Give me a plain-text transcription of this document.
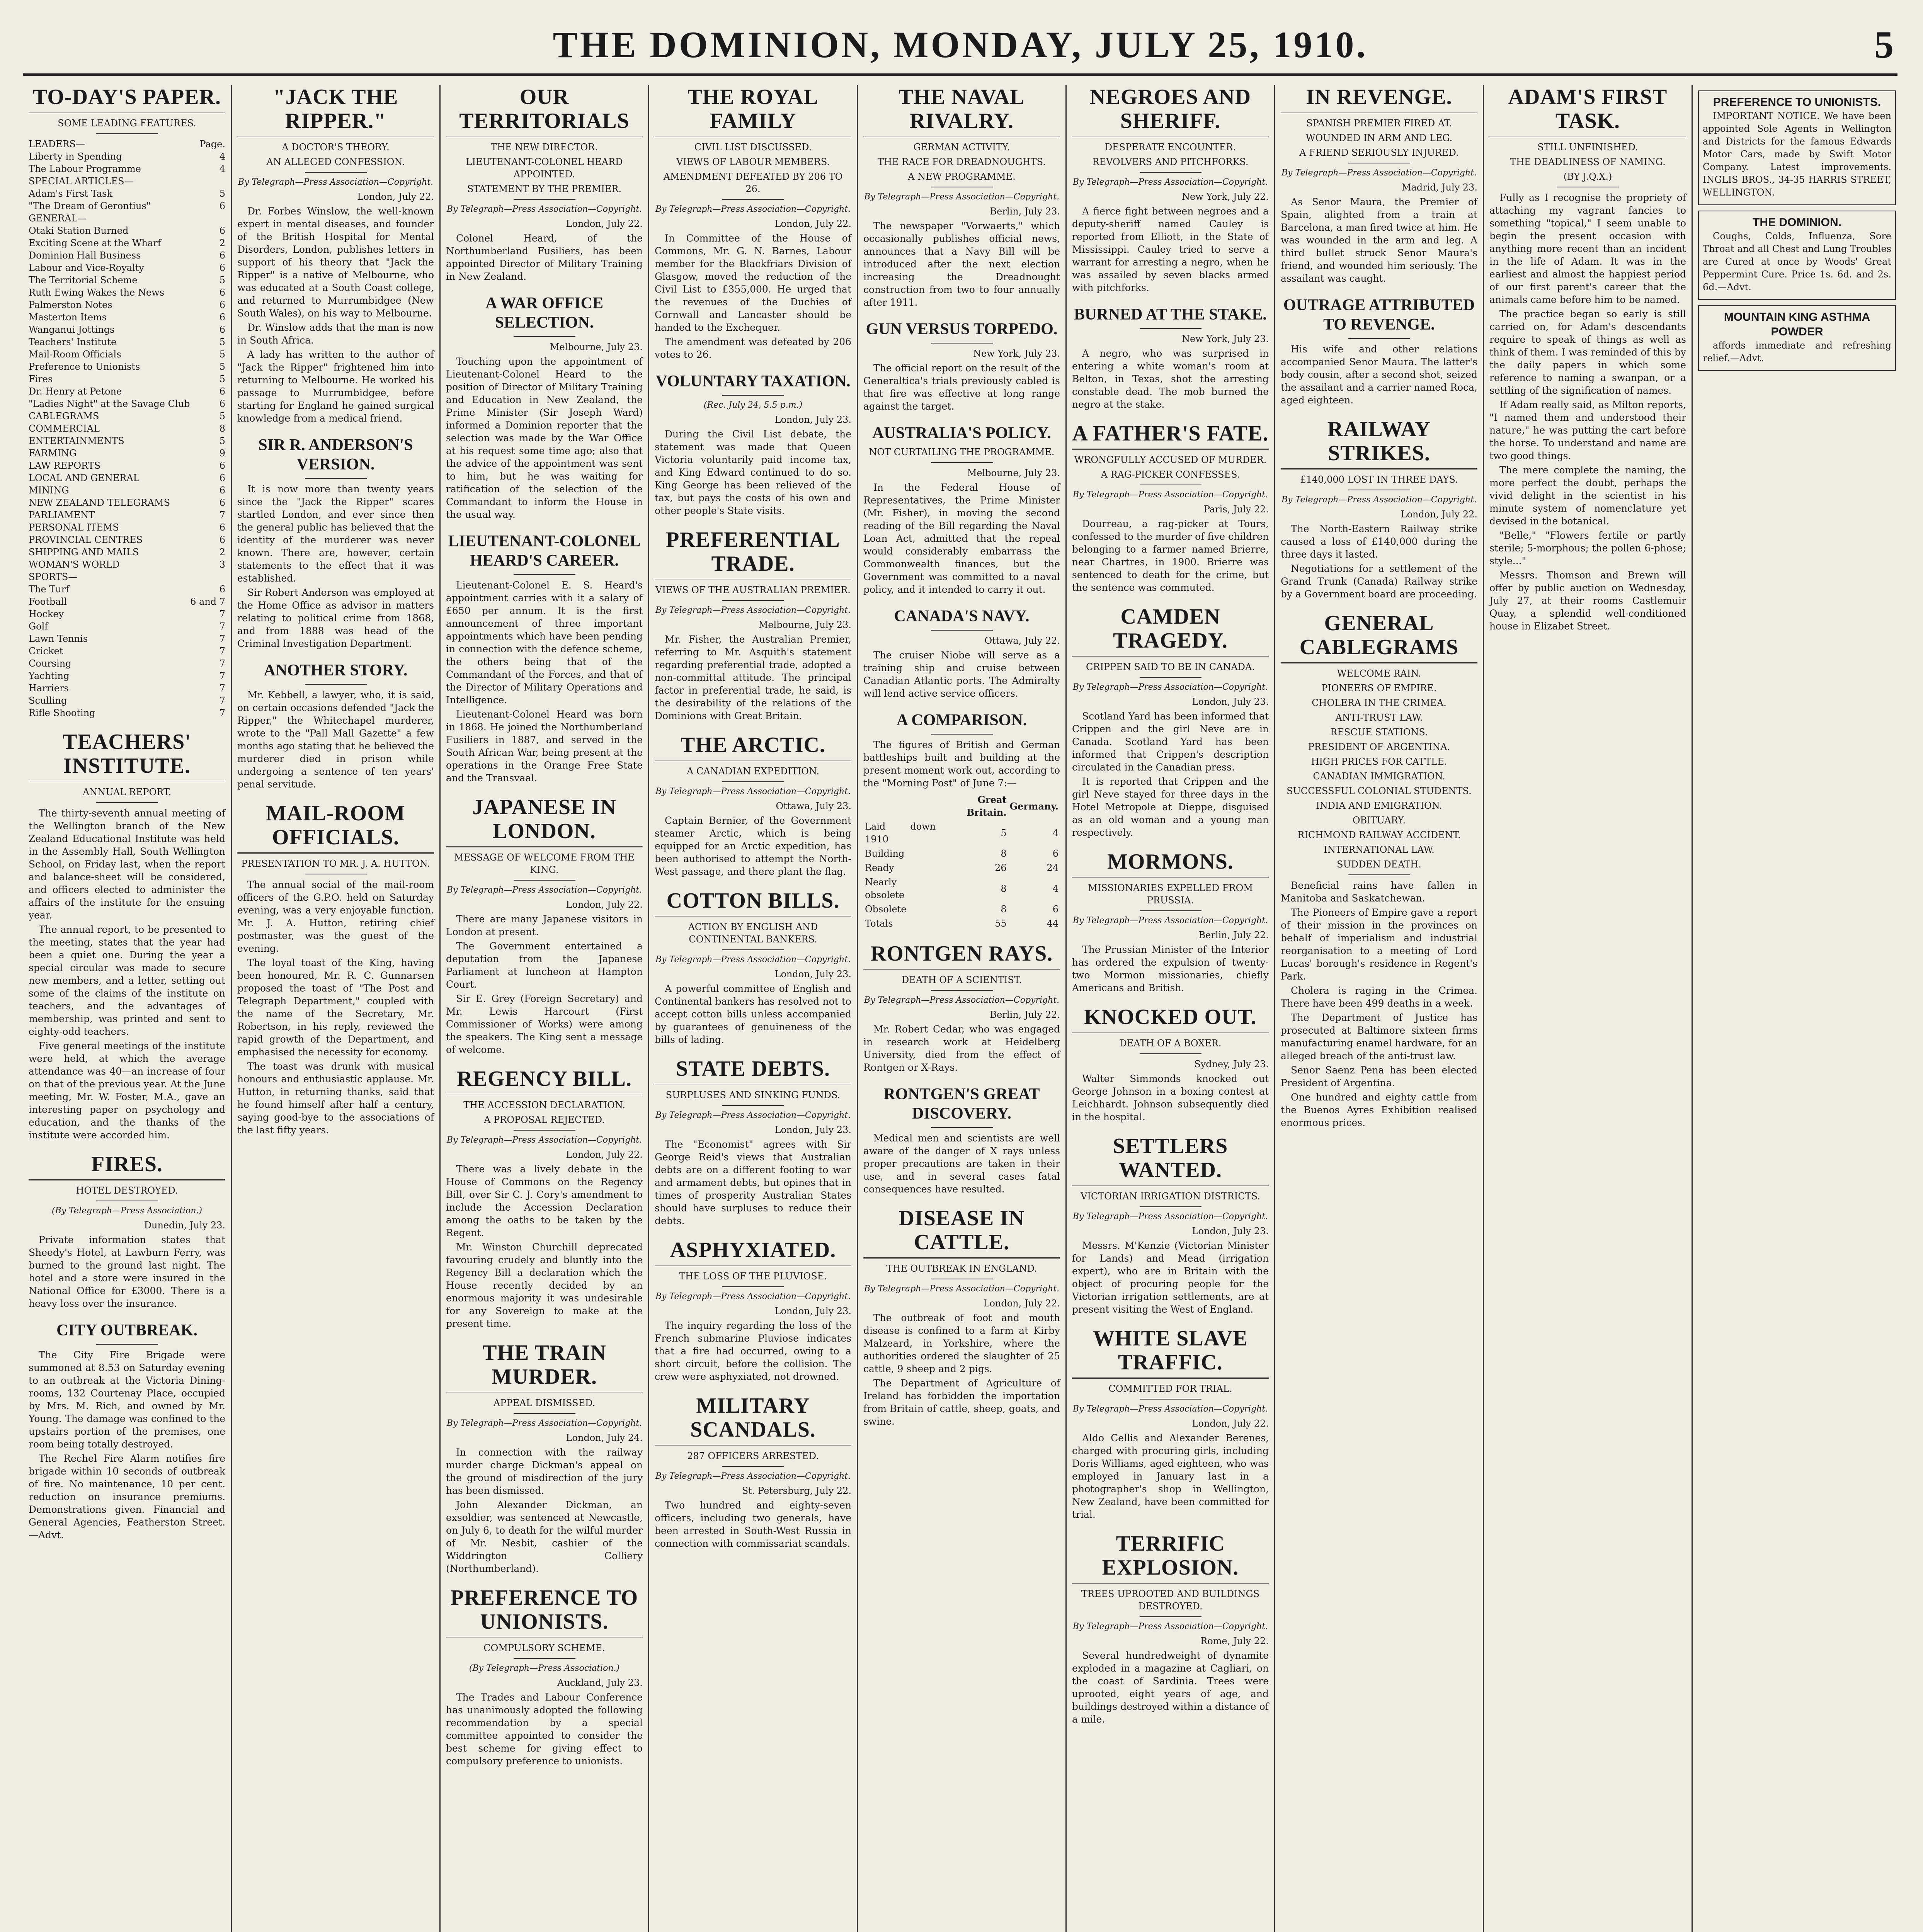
THE DOMINION, MONDAY, JULY 25, 1910.	5
TO-DAY'S PAPER.
SOME LEADING FEATURES.
LEADERS—	Page.
Liberty in Spending	4
The Labour Programme	4
SPECIAL ARTICLES—
Adam's First Task	5
"The Dream of Gerontius"	6
GENERAL—
Otaki Station Burned	6
Exciting Scene at the Wharf	2
Dominion Hall Business	6
Labour and Vice-Royalty	6
The Territorial Scheme	5
Ruth Ewing Wakes the News	6
Palmerston Notes	6
Masterton Items	6
Wanganui Jottings	6
Teachers' Institute	5
Mail-Room Officials	5
Preference to Unionists	5
Fires	5
Dr. Henry at Petone	6
"Ladies Night" at the Savage Club	6
CABLEGRAMS	5
COMMERCIAL	8
ENTERTAINMENTS	5
FARMING	9
LAW REPORTS	6
LOCAL AND GENERAL	6
MINING	6
NEW ZEALAND TELEGRAMS	6
PARLIAMENT	7
PERSONAL ITEMS	6
PROVINCIAL CENTRES	6
SHIPPING AND MAILS	2
WOMAN'S WORLD	3
SPORTS—
The Turf	6
Football	6 and 7
Hockey	7
Golf	7
Lawn Tennis	7
Cricket	7
Coursing	7
Yachting	7
Harriers	7
Sculling	7
Rifle Shooting	7
TEACHERS' INSTITUTE.
ANNUAL REPORT.

The thirty-seventh annual meeting of the Wellington branch of the New Zealand Educational Institute was held in the Assembly Hall, South Wellington School, on Friday last, when the report and balance-sheet will be considered, and officers elected to administer the affairs of the institute for the ensuing year.

The annual report, to be presented to the meeting, states that the year had been a quiet one. During the year a special circular was made to secure new members, and a letter, setting out some of the claims of the institute on teachers, and the advantages of membership, was printed and sent to eighty-odd teachers.

Five general meetings of the institute were held, at which the average attendance was 40—an increase of four on that of the previous year. At the June meeting, Mr. W. Foster, M.A., gave an interesting paper on psychology and education, and the thanks of the institute were accorded him.

FIRES.
HOTEL DESTROYED.
(By Telegraph—Press Association.)
Dunedin, July 23.

Private information states that Sheedy's Hotel, at Lawburn Ferry, was burned to the ground last night. The hotel and a store were insured in the National Office for £3000. There is a heavy loss over the insurance.

CITY OUTBREAK.

The City Fire Brigade were summoned at 8.53 on Saturday evening to an outbreak at the Victoria Dining-rooms, 132 Courtenay Place, occupied by Mrs. M. Rich, and owned by Mr. Young. The damage was confined to the upstairs portion of the premises, one room being totally destroyed.

The Rechel Fire Alarm notifies fire brigade within 10 seconds of outbreak of fire. No maintenance, 10 per cent. reduction on insurance premiums. Demonstrations given. Financial and General Agencies, Featherston Street.—Advt.

"JACK THE RIPPER."
A DOCTOR'S THEORY.
AN ALLEGED CONFESSION.
By Telegraph—Press Association—Copyright.
London, July 22.

Dr. Forbes Winslow, the well-known expert in mental diseases, and founder of the British Hospital for Mental Disorders, London, publishes letters in support of his theory that "Jack the Ripper" is a native of Melbourne, who was educated at a South Coast college, and returned to Murrumbidgee (New South Wales), on his way to Melbourne.

Dr. Winslow adds that the man is now in South Africa.

A lady has written to the author of "Jack the Ripper" frightened him into returning to Melbourne. He worked his passage to Murrumbidgee, before starting for England he gained surgical knowledge from a medical friend.

SIR R. ANDERSON'S VERSION.

It is now more than twenty years since the "Jack the Ripper" scares startled London, and ever since then the general public has believed that the identity of the murderer was never known. There are, however, certain statements to the effect that it was established.

Sir Robert Anderson was employed at the Home Office as advisor in matters relating to political crime from 1868, and from 1888 was head of the Criminal Investigation Department.

ANOTHER STORY.

Mr. Kebbell, a lawyer, who, it is said, on certain occasions defended "Jack the Ripper," the Whitechapel murderer, wrote to the "Pall Mall Gazette" a few months ago stating that he believed the murderer died in prison while undergoing a sentence of ten years' penal servitude.

MAIL-ROOM OFFICIALS.
PRESENTATION TO MR. J. A. HUTTON.

The annual social of the mail-room officers of the G.P.O. held on Saturday evening, was a very enjoyable function. Mr. J. A. Hutton, retiring chief postmaster, was the guest of the evening.

The loyal toast of the King, having been honoured, Mr. R. C. Gunnarsen proposed the toast of "The Post and Telegraph Department," coupled with the name of the Secretary, Mr. Robertson, in his reply, reviewed the rapid growth of the Department, and emphasised the necessity for economy.

The toast was drunk with musical honours and enthusiastic applause. Mr. Hutton, in returning thanks, said that he found himself after half a century, saying good-bye to the associations of the last fifty years.

OUR TERRITORIALS
THE NEW DIRECTOR.
LIEUTENANT-COLONEL HEARD APPOINTED.
STATEMENT BY THE PREMIER.
By Telegraph—Press Association—Copyright.
London, July 22.

Colonel Heard, of the Northumberland Fusiliers, has been appointed Director of Military Training in New Zealand.

A WAR OFFICE SELECTION.
Melbourne, July 23.

Touching upon the appointment of Lieutenant-Colonel Heard to the position of Director of Military Training and Education in New Zealand, the Prime Minister (Sir Joseph Ward) informed a Dominion reporter that the selection was made by the War Office at his request some time ago; also that the advice of the appointment was sent to him, but he was waiting for ratification of the selection of the Commandant to inform the House in the usual way.

LIEUTENANT-COLONEL HEARD'S CAREER.

Lieutenant-Colonel E. S. Heard's appointment carries with it a salary of £650 per annum. It is the first announcement of three important appointments which have been pending in connection with the defence scheme, the others being that of the Commandant of the Forces, and that of the Director of Military Operations and Intelligence.

Lieutenant-Colonel Heard was born in 1868. He joined the Northumberland Fusiliers in 1887, and served in the South African War, being present at the operations in the Orange Free State and the Transvaal.

JAPANESE IN LONDON.
MESSAGE OF WELCOME FROM THE KING.
By Telegraph—Press Association—Copyright.
London, July 22.

There are many Japanese visitors in London at present.

The Government entertained a deputation from the Japanese Parliament at luncheon at Hampton Court.

Sir E. Grey (Foreign Secretary) and Mr. Lewis Harcourt (First Commissioner of Works) were among the speakers. The King sent a message of welcome.

REGENCY BILL.
THE ACCESSION DECLARATION.
A PROPOSAL REJECTED.
By Telegraph—Press Association—Copyright.
London, July 22.

There was a lively debate in the House of Commons on the Regency Bill, over Sir C. J. Cory's amendment to include the Accession Declaration among the oaths to be taken by the Regent.

Mr. Winston Churchill deprecated favouring crudely and bluntly into the Regency Bill a declaration which the House recently decided by an enormous majority it was undesirable for any Sovereign to make at the present time.

THE TRAIN MURDER.
APPEAL DISMISSED.
By Telegraph—Press Association—Copyright.
London, July 24.

In connection with the railway murder charge Dickman's appeal on the ground of misdirection of the jury has been dismissed.

John Alexander Dickman, an exsoldier, was sentenced at Newcastle, on July 6, to death for the wilful murder of Mr. Nesbit, cashier of the Widdrington Colliery (Northumberland).

PREFERENCE TO UNIONISTS.
COMPULSORY SCHEME.
(By Telegraph—Press Association.)
Auckland, July 23.

The Trades and Labour Conference has unanimously adopted the following recommendation by a special committee appointed to consider the best scheme for giving effect to compulsory preference to unionists.

THE ROYAL FAMILY
CIVIL LIST DISCUSSED.
VIEWS OF LABOUR MEMBERS.
AMENDMENT DEFEATED BY 206 TO 26.
By Telegraph—Press Association—Copyright.
London, July 22.

In Committee of the House of Commons, Mr. G. N. Barnes, Labour member for the Blackfriars Division of Glasgow, moved the reduction of the Civil List to £355,000. He urged that the revenues of the Duchies of Cornwall and Lancaster should be handed to the Exchequer.

The amendment was defeated by 206 votes to 26.

VOLUNTARY TAXATION.
(Rec. July 24, 5.5 p.m.)
London, July 23.

During the Civil List debate, the statement was made that Queen Victoria voluntarily paid income tax, and King Edward continued to do so. King George has been relieved of the tax, but pays the costs of his own and other people's State visits.

PREFERENTIAL TRADE.
VIEWS OF THE AUSTRALIAN PREMIER.
By Telegraph—Press Association—Copyright.
Melbourne, July 23.

Mr. Fisher, the Australian Premier, referring to Mr. Asquith's statement regarding preferential trade, adopted a non-committal attitude. The principal factor in preferential trade, he said, is the desirability of the relations of the Dominions with Great Britain.

THE ARCTIC.
A CANADIAN EXPEDITION.
By Telegraph—Press Association—Copyright.
Ottawa, July 23.

Captain Bernier, of the Government steamer Arctic, which is being equipped for an Arctic expedition, has been authorised to attempt the North-West passage, and there plant the flag.

COTTON BILLS.
ACTION BY ENGLISH AND CONTINENTAL BANKERS.
By Telegraph—Press Association—Copyright.
London, July 23.

A powerful committee of English and Continental bankers has resolved not to accept cotton bills unless accompanied by guarantees of genuineness of the bills of lading.

STATE DEBTS.
SURPLUSES AND SINKING FUNDS.
By Telegraph—Press Association—Copyright.
London, July 23.

The "Economist" agrees with Sir George Reid's views that Australian debts are on a different footing to war and armament debts, but opines that in times of prosperity Australian States should have surpluses to reduce their debts.

ASPHYXIATED.
THE LOSS OF THE PLUVIOSE.
By Telegraph—Press Association—Copyright.
London, July 23.

The inquiry regarding the loss of the French submarine Pluviose indicates that a fire had occurred, owing to a short circuit, before the collision. The crew were asphyxiated, not drowned.

MILITARY SCANDALS.
287 OFFICERS ARRESTED.
By Telegraph—Press Association—Copyright.
St. Petersburg, July 22.

Two hundred and eighty-seven officers, including two generals, have been arrested in South-West Russia in connection with commissariat scandals.

THE NAVAL RIVALRY.
GERMAN ACTIVITY.
THE RACE FOR DREADNOUGHTS.
A NEW PROGRAMME.
By Telegraph—Press Association—Copyright.
Berlin, July 23.

The newspaper "Vorwaerts," which occasionally publishes official news, announces that a Navy Bill will be introduced after the next election increasing the Dreadnought construction from two to four annually after 1911.

GUN VERSUS TORPEDO.
New York, July 23.

The official report on the result of the Generaltica's trials previously cabled is that fire was effective at long range against the target.

AUSTRALIA'S POLICY.
NOT CURTAILING THE PROGRAMME.
Melbourne, July 23.

In the Federal House of Representatives, the Prime Minister (Mr. Fisher), in moving the second reading of the Bill regarding the Naval Loan Act, admitted that the repeal would considerably embarrass the Commonwealth finances, but the Government was committed to a naval policy, and it intended to carry it out.

CANADA'S NAVY.
Ottawa, July 22.

The cruiser Niobe will serve as a training ship and cruise between Canadian Atlantic ports. The Admiralty will lend active service officers.

A COMPARISON.

The figures of British and German battleships built and building at the present moment work out, according to the "Morning Post" of June 7:—

	Great Britain.	Germany.
Laid down 1910	5	4
Building	8	6
Ready	26	24
Nearly obsolete	8	4
Obsolete	8	6
Totals	55	44
RONTGEN RAYS.
DEATH OF A SCIENTIST.
By Telegraph—Press Association—Copyright.
Berlin, July 22.

Mr. Robert Cedar, who was engaged in research work at Heidelberg University, died from the effect of Rontgen or X-Rays.

RONTGEN'S GREAT DISCOVERY.

Medical men and scientists are well aware of the danger of X rays unless proper precautions are taken in their use, and in several cases fatal consequences have resulted.

DISEASE IN CATTLE.
THE OUTBREAK IN ENGLAND.
By Telegraph—Press Association—Copyright.
London, July 22.

The outbreak of foot and mouth disease is confined to a farm at Kirby Malzeard, in Yorkshire, where the authorities ordered the slaughter of 25 cattle, 9 sheep and 2 pigs.

The Department of Agriculture of Ireland has forbidden the importation from Britain of cattle, sheep, goats, and swine.

NEGROES AND SHERIFF.
DESPERATE ENCOUNTER.
REVOLVERS AND PITCHFORKS.
By Telegraph—Press Association—Copyright.
New York, July 22.

A fierce fight between negroes and a deputy-sheriff named Cauley is reported from Elliott, in the State of Mississippi. Cauley tried to serve a warrant for arresting a negro, when he was assailed by seven blacks armed with pitchforks.

BURNED AT THE STAKE.
New York, July 23.

A negro, who was surprised in entering a white woman's room at Belton, in Texas, shot the arresting constable dead. The mob burned the negro at the stake.

A FATHER'S FATE.
WRONGFULLY ACCUSED OF MURDER.
A RAG-PICKER CONFESSES.
By Telegraph—Press Association—Copyright.
Paris, July 22.

Dourreau, a rag-picker at Tours, confessed to the murder of five children belonging to a farmer named Brierre, near Chartres, in 1900. Brierre was sentenced to death for the crime, but the sentence was commuted.

CAMDEN TRAGEDY.
CRIPPEN SAID TO BE IN CANADA.
By Telegraph—Press Association—Copyright.
London, July 23.

Scotland Yard has been informed that Crippen and the girl Neve are in Canada. Scotland Yard has been informed that Crippen's description circulated in the Canadian press.

It is reported that Crippen and the girl Neve stayed for three days in the Hotel Metropole at Dieppe, disguised as an old woman and a young man respectively.

MORMONS.
MISSIONARIES EXPELLED FROM PRUSSIA.
By Telegraph—Press Association—Copyright.
Berlin, July 22.

The Prussian Minister of the Interior has ordered the expulsion of twenty-two Mormon missionaries, chiefly Americans and British.

KNOCKED OUT.
DEATH OF A BOXER.
Sydney, July 23.

Walter Simmonds knocked out George Johnson in a boxing contest at Leichhardt. Johnson subsequently died in the hospital.

SETTLERS WANTED.
VICTORIAN IRRIGATION DISTRICTS.
By Telegraph—Press Association—Copyright.
London, July 23.

Messrs. M'Kenzie (Victorian Minister for Lands) and Mead (irrigation expert), who are in Britain with the object of procuring people for the Victorian irrigation settlements, are at present visiting the West of England.

WHITE SLAVE TRAFFIC.
COMMITTED FOR TRIAL.
By Telegraph—Press Association—Copyright.
London, July 22.

Aldo Cellis and Alexander Berenes, charged with procuring girls, including Doris Williams, aged eighteen, who was employed in January last in a photographer's shop in Wellington, New Zealand, have been committed for trial.

TERRIFIC EXPLOSION.
TREES UPROOTED AND BUILDINGS DESTROYED.
By Telegraph—Press Association—Copyright.
Rome, July 22.

Several hundredweight of dynamite exploded in a magazine at Cagliari, on the coast of Sardinia. Trees were uprooted, eight years of age, and buildings destroyed within a distance of a mile.

IN REVENGE.
SPANISH PREMIER FIRED AT.
WOUNDED IN ARM AND LEG.
A FRIEND SERIOUSLY INJURED.
By Telegraph—Press Association—Copyright.
Madrid, July 23.

As Senor Maura, the Premier of Spain, alighted from a train at Barcelona, a man fired twice at him. He was wounded in the arm and leg. A third bullet struck Senor Maura's friend, and wounded him seriously. The assailant was caught.

OUTRAGE ATTRIBUTED TO REVENGE.

His wife and other relations accompanied Senor Maura. The latter's body cousin, after a second shot, seized the assailant and a carrier named Roca, aged eighteen.

RAILWAY STRIKES.
£140,000 LOST IN THREE DAYS.
By Telegraph—Press Association—Copyright.
London, July 22.

The North-Eastern Railway strike caused a loss of £140,000 during the three days it lasted.

Negotiations for a settlement of the Grand Trunk (Canada) Railway strike by a Government board are proceeding.

GENERAL CABLEGRAMS
WELCOME RAIN.
PIONEERS OF EMPIRE.
CHOLERA IN THE CRIMEA.
ANTI-TRUST LAW.
RESCUE STATIONS.
PRESIDENT OF ARGENTINA.
HIGH PRICES FOR CATTLE.
CANADIAN IMMIGRATION.
SUCCESSFUL COLONIAL STUDENTS.
INDIA AND EMIGRATION.
OBITUARY.
RICHMOND RAILWAY ACCIDENT.
INTERNATIONAL LAW.
SUDDEN DEATH.

Beneficial rains have fallen in Manitoba and Saskatchewan.

The Pioneers of Empire gave a report of their mission in the provinces on behalf of imperialism and industrial reorganisation to a meeting of Lord Lucas' borough's residence in Regent's Park.

Cholera is raging in the Crimea. There have been 499 deaths in a week.

The Department of Justice has prosecuted at Baltimore sixteen firms manufacturing enamel hardware, for an alleged breach of the anti-trust law.

Senor Saenz Pena has been elected President of Argentina.

One hundred and eighty cattle from the Buenos Ayres Exhibition realised enormous prices.

ADAM'S FIRST TASK.
STILL UNFINISHED.
THE DEADLINESS OF NAMING.
(BY J.Q.X.)

Fully as I recognise the propriety of attaching my vagrant fancies to something "topical," I seem unable to begin the present occasion with anything more recent than an incident in the life of Adam. It was in the earliest and almost the happiest period of our first parent's career that the animals came before him to be named.

The practice began so early is still carried on, for Adam's descendants require to speak of things as well as think of them. I was reminded of this by the daily papers in which some reference to naming a swanpan, or a settling of the signification of names.

If Adam really said, as Milton reports, "I named them and understood their nature," he was putting the cart before the horse. To understand and name are two good things.

The mere complete the naming, the more perfect the doubt, perhaps the vivid delight in the scientist in his minute system of nomenclature yet devised in the botanical.

"Belle," "Flowers fertile or partly sterile; 5-morphous; the pollen 6-phose; style..."

Messrs. Thomson and Brewn will offer by public auction on Wednesday, July 27, at their rooms Castlemuir Quay, a splendid well-conditioned house in Elizabet Street.

PREFERENCE TO UNIONISTS.

IMPORTANT NOTICE. We have been appointed Sole Agents in Wellington and Districts for the famous Edwards Motor Cars, made by Swift Motor Company. Latest improvements. INGLIS BROS., 34-35 HARRIS STREET, WELLINGTON.

THE DOMINION.

Coughs, Colds, Influenza, Sore Throat and all Chest and Lung Troubles are Cured at once by Woods' Great Peppermint Cure. Price 1s. 6d. and 2s. 6d.—Advt.

MOUNTAIN KING ASTHMA POWDER

affords immediate and refreshing relief.—Advt.
